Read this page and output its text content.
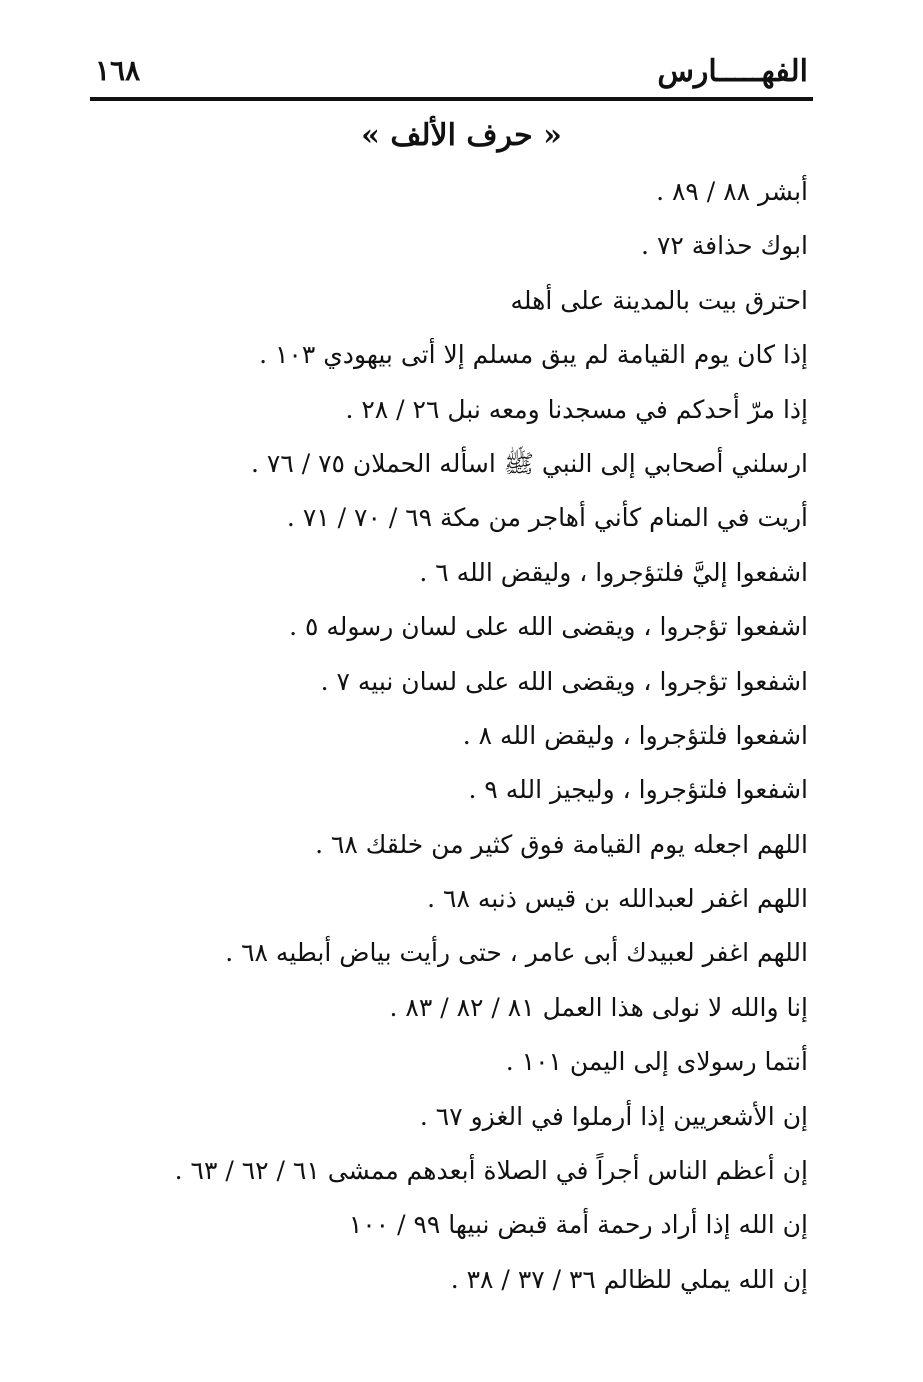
الفهـــــارس
١٦٨
« حرف الألف »
أبشر ٨٨ / ٨٩ .
ابوك حذافة ٧٢ .
احترق بيت بالمدينة على أهله
إذا كان يوم القيامة لم يبق مسلم إلا أتى بيهودي ١٠٣ .
إذا مرّ أحدكم في مسجدنا ومعه نبل ٢٦ / ٢٨ .
ارسلني أصحابي إلى النبي ﷺ اسأله الحملان ٧٥ / ٧٦ .
أريت في المنام كأني أهاجر من مكة ٦٩ / ٧٠ / ٧١ .
اشفعوا إليَّ فلتؤجروا ، وليقض الله ٦ .
اشفعوا تؤجروا ، ويقضى الله على لسان رسوله ٥ .
اشفعوا تؤجروا ، ويقضى الله على لسان نبيه ٧ .
اشفعوا فلتؤجروا ، وليقض الله ٨ .
اشفعوا فلتؤجروا ، وليجيز الله ٩ .
اللهم اجعله يوم القيامة فوق كثير من خلقك ٦٨ .
اللهم اغفر لعبدالله بن قيس ذنبه ٦٨ .
اللهم اغفر لعبيدك أبى عامر ، حتى رأيت بياض أبطيه ٦٨ .
إنا والله لا نولى هذا العمل ٨١ / ٨٢ / ٨٣ .
أنتما رسولاى إلى اليمن ١٠١ .
إن الأشعريين إذا أرملوا في الغزو ٦٧ .
إن أعظم الناس أجراً في الصلاة أبعدهم ممشى ٦١ / ٦٢ / ٦٣ .
إن الله إذا أراد رحمة أمة قبض نبيها ٩٩ / ١٠٠
إن الله يملي للظالم ٣٦ / ٣٧ / ٣٨ .
